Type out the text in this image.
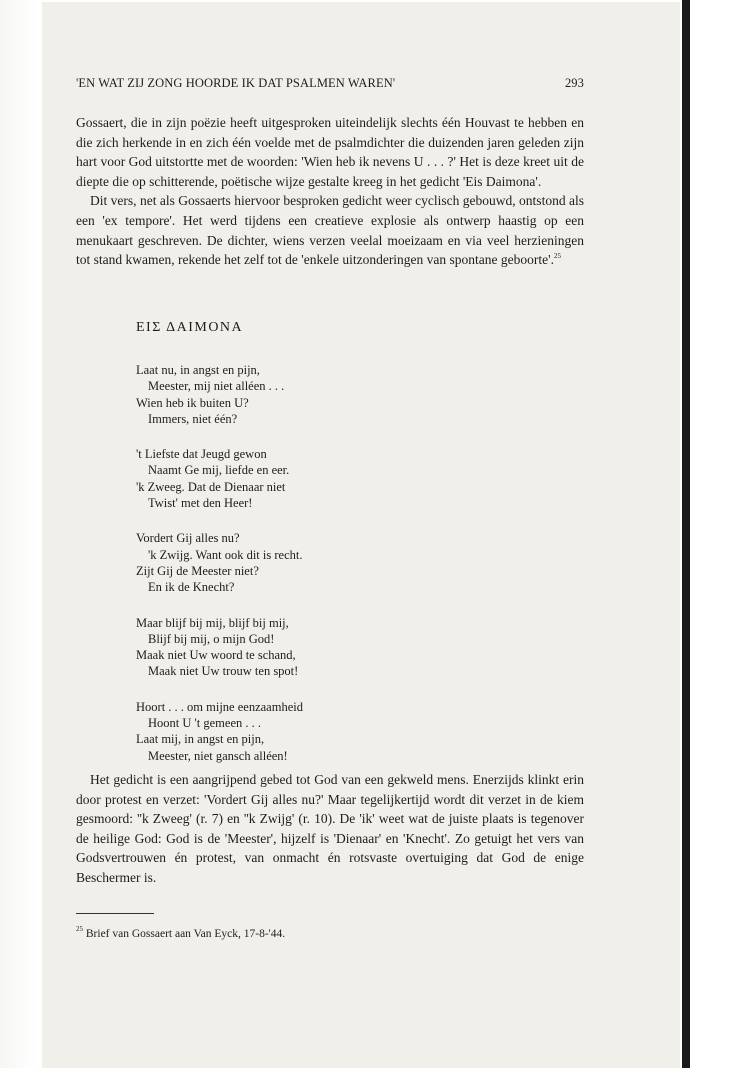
'EN WAT ZIJ ZONG HOORDE IK DAT PSALMEN WAREN'	293

Gossaert, die in zijn poëzie heeft uitgesproken uiteindelijk slechts één Houvast te hebben en die zich herkende in en zich één voelde met de psalmdichter die duizenden jaren geleden zijn hart voor God uitstortte met de woorden: 'Wien heb ik nevens U . . . ?' Het is deze kreet uit de diepte die op schitterende, poëtische wijze gestalte kreeg in het gedicht 'Eis Daimona'.

Dit vers, net als Gossaerts hiervoor besproken gedicht weer cyclisch gebouwd, ontstond als een 'ex tempore'. Het werd tijdens een creatieve explosie als ontwerp haastig op een menukaart geschreven. De dichter, wiens verzen veelal moeizaam en via veel herzieningen tot stand kwamen, rekende het zelf tot de 'enkele uitzonderingen van spontane geboorte'.$^{25}$

ΕΙΣ ΔΑΙΜΟΝΑ
Laat nu, in angst en pijn,
Meester, mij niet alléen . . .
Wien heb ik buiten U?
Immers, niet één?
't Liefste dat Jeugd gewon
Naamt Ge mij, liefde en eer.
'k Zweeg. Dat de Dienaar niet
Twist' met den Heer!
Vordert Gij alles nu?
'k Zwijg. Want ook dit is recht.
Zijt Gij de Meester niet?
En ik de Knecht?
Maar blijf bij mij, blijf bij mij,
Blijf bij mij, o mijn God!
Maak niet Uw woord te schand,
Maak niet Uw trouw ten spot!
Hoort . . . om mijne eenzaamheid
Hoont U 't gemeen . . .
Laat mij, in angst en pijn,
Meester, niet gansch alléen!

Het gedicht is een aangrijpend gebed tot God van een gekweld mens. Enerzijds klinkt erin door protest en verzet: 'Vordert Gij alles nu?' Maar tegelijkertijd wordt dit verzet in de kiem gesmoord: ''k Zweeg' (r. 7) en ''k Zwijg' (r. 10). De 'ik' weet wat de juiste plaats is tegenover de heilige God: God is de 'Meester', hijzelf is 'Dienaar' en 'Knecht'. Zo getuigt het vers van Godsvertrouwen én protest, van onmacht én rotsvaste overtuiging dat God de enige Beschermer is.

$^{25}$ Brief van Gossaert aan Van Eyck, 17-8-'44.
